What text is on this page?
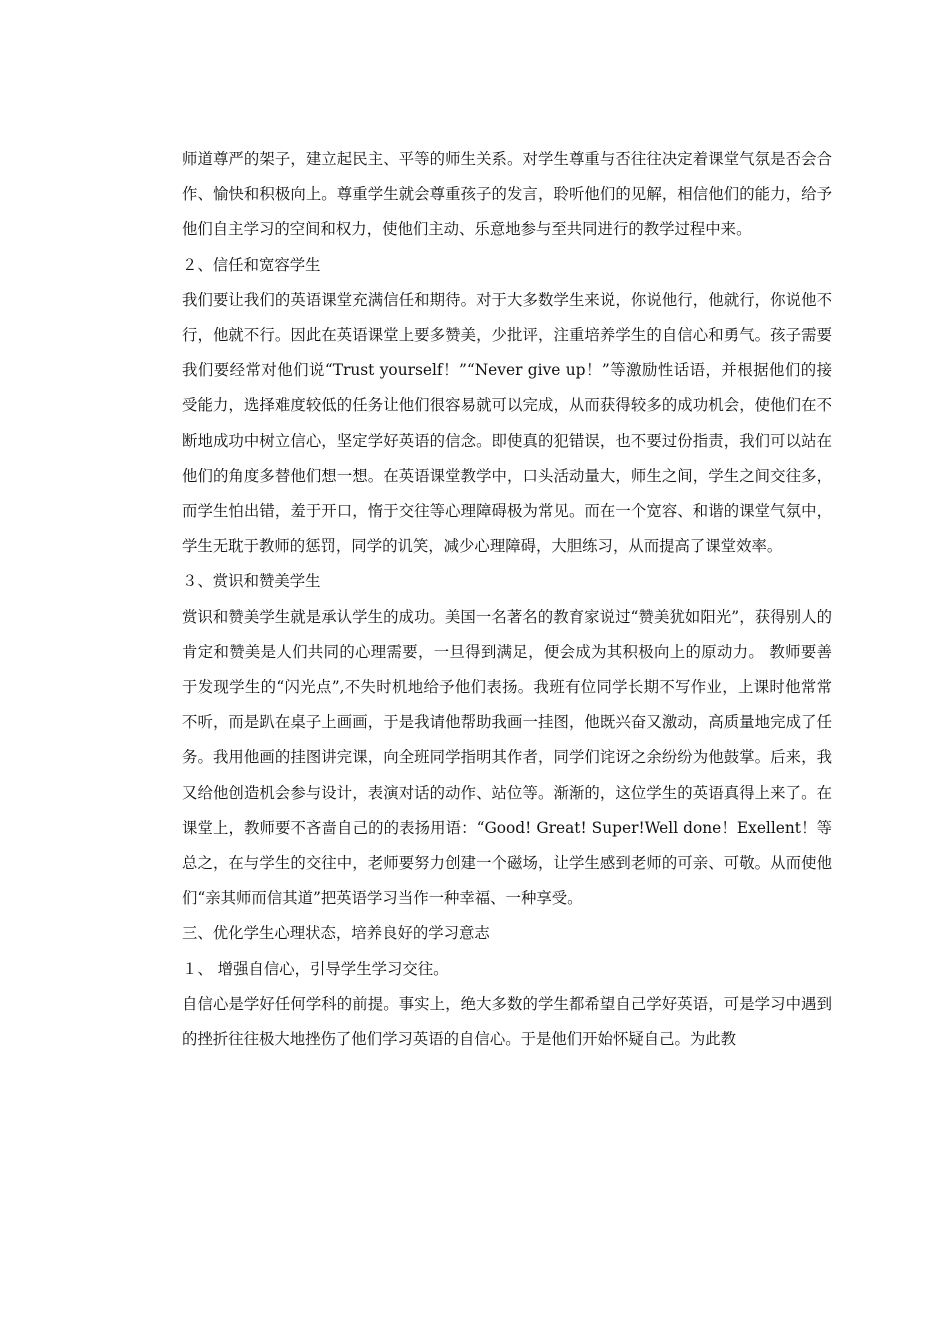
师道尊严的架子，建立起民主、平等的师生关系。对学生尊重与否往往决定着课堂气氛是否会合作、愉快和积极向上。尊重学生就会尊重孩子的发言，聆听他们的见解，相信他们的能力，给予他们自主学习的空间和权力，使他们主动、乐意地参与至共同进行的教学过程中来。

２、信任和宽容学生

我们要让我们的英语课堂充满信任和期待。对于大多数学生来说，你说他行，他就行，你说他不行，他就不行。因此在英语课堂上要多赞美，少批评，注重培养学生的自信心和勇气。孩子需要我们要经常对他们说“Trust yourself！”“Never give up！”等激励性话语，并根据他们的接受能力，选择难度较低的任务让他们很容易就可以完成，从而获得较多的成功机会，使他们在不断地成功中树立信心，坚定学好英语的信念。即使真的犯错误，也不要过份指责，我们可以站在他们的角度多替他们想一想。在英语课堂教学中，口头活动量大，师生之间，学生之间交往多，而学生怕出错，羞于开口，惰于交往等心理障碍极为常见。而在一个宽容、和谐的课堂气氛中，学生无耽于教师的惩罚，同学的讥笑，减少心理障碍，大胆练习，从而提高了课堂效率。

３、赏识和赞美学生

赏识和赞美学生就是承认学生的成功。美国一名著名的教育家说过“赞美犹如阳光”，获得别人的肯定和赞美是人们共同的心理需要，一旦得到满足，便会成为其积极向上的原动力。 教师要善于发现学生的“闪光点”,不失时机地给予他们表扬。我班有位同学长期不写作业，上课时他常常不听，而是趴在桌子上画画，于是我请他帮助我画一挂图，他既兴奋又激动，高质量地完成了任务。我用他画的挂图讲完课，向全班同学指明其作者，同学们诧讶之余纷纷为他鼓掌。后来，我又给他创造机会参与设计，表演对话的动作、站位等。渐渐的，这位学生的英语真得上来了。在课堂上，教师要不吝啬自己的的表扬用语：“Good! Great! Super!Well done！Exellent！等总之，在与学生的交往中，老师要努力创建一个磁场，让学生感到老师的可亲、可敬。从而使他们“亲其师而信其道”把英语学习当作一种幸福、一种享受。

三、优化学生心理状态，培养良好的学习意志

１、 增强自信心，引导学生学习交往。

自信心是学好任何学科的前提。事实上，绝大多数的学生都希望自己学好英语，可是学习中遇到的挫折往往极大地挫伤了他们学习英语的自信心。于是他们开始怀疑自己。为此教
